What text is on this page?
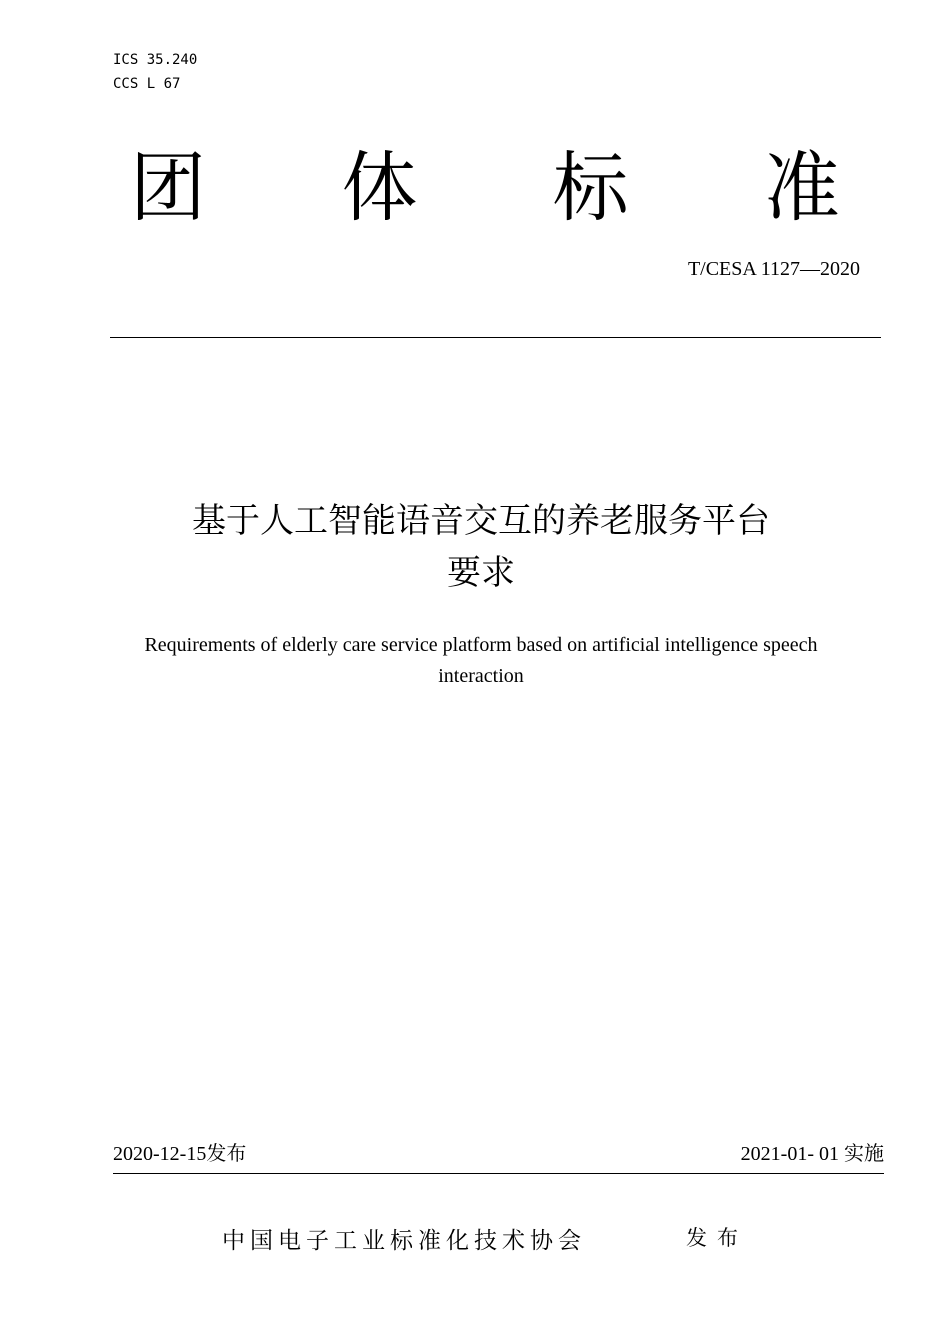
ICS 35.240
CCS L 67
团 体 标 准
T/CESA 1127—2020
基于人工智能语音交互的养老服务平台
要求
Requirements of elderly care service platform based on artificial intelligence speech
interaction
2020-12-15发布	2021-01- 01 实施
中国电子工业标准化技术协会	发布
